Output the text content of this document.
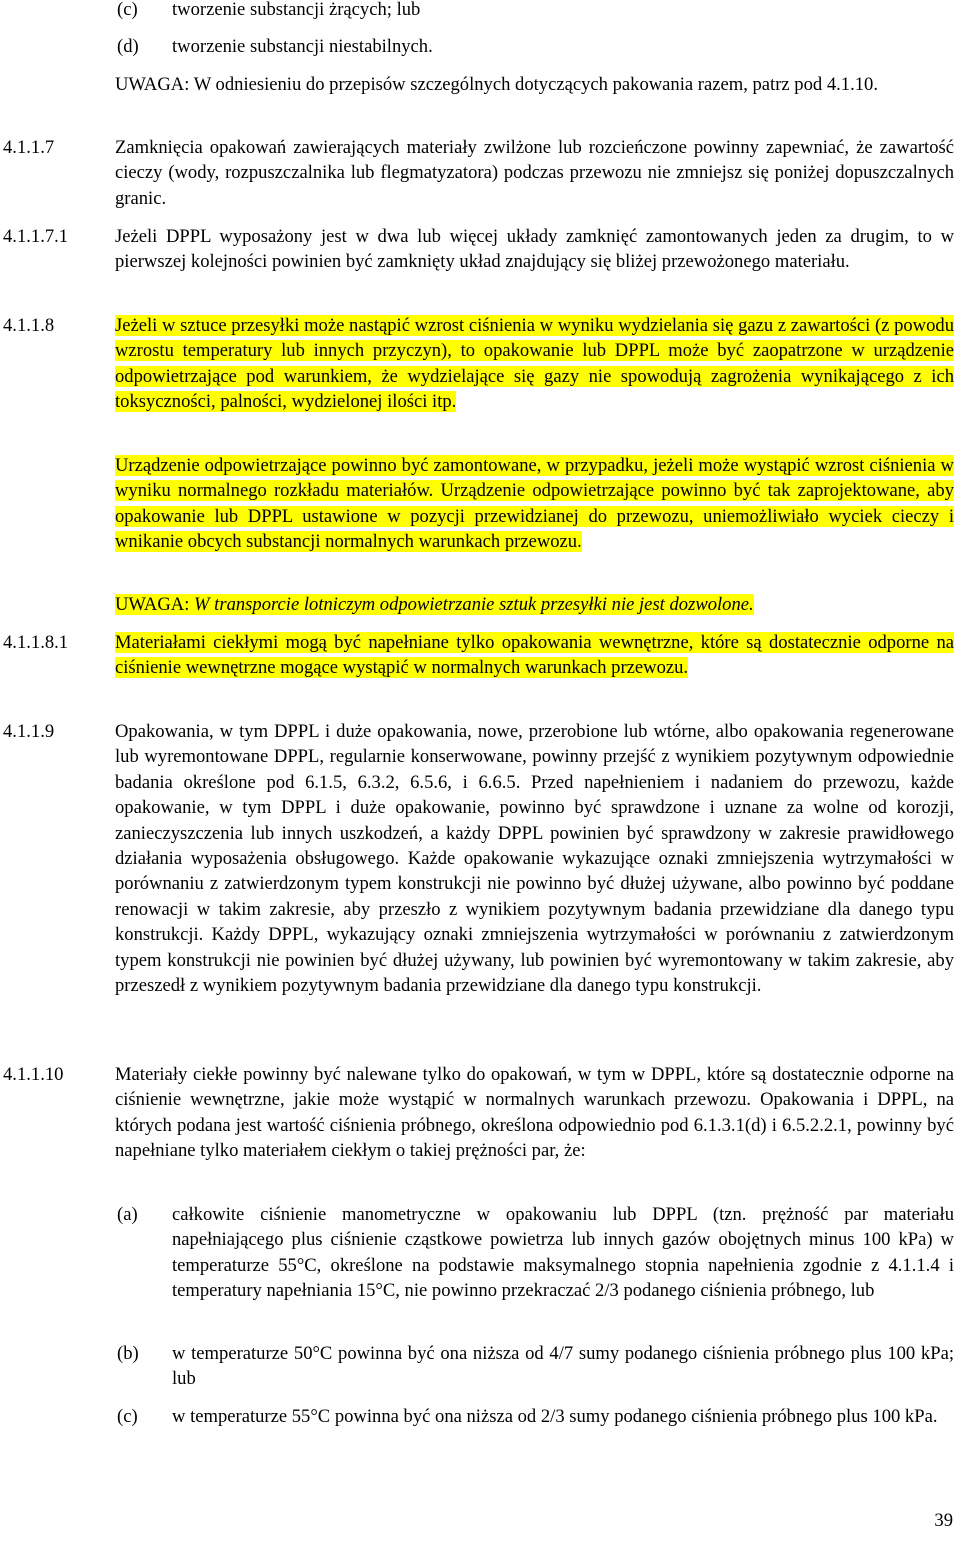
(c) tworzenie substancji żrących; lub
(d) tworzenie substancji niestabilnych.
UWAGA: W odniesieniu do przepisów szczególnych dotyczących pakowania razem, patrz pod 4.1.10.
4.1.1.7	Zamknięcia opakowań zawierających materiały zwilżone lub rozcieńczone powinny zapewniać, że zawartość cieczy (wody, rozpuszczalnika lub flegmatyzatora) podczas przewozu nie zmniejsz się poniżej dopuszczalnych granic.
4.1.1.7.1	Jeżeli DPPL wyposażony jest w dwa lub więcej układy zamknięć zamontowanych jeden za drugim, to w pierwszej kolejności powinien być zamknięty układ znajdujący się bliżej przewożonego materiału.
4.1.1.8	Jeżeli w sztuce przesyłki może nastąpić wzrost ciśnienia w wyniku wydzielania się gazu z zawartości (z powodu wzrostu temperatury lub innych przyczyn), to opakowanie lub DPPL może być zaopatrzone w urządzenie odpowietrzające pod warunkiem, że wydzielające się gazy nie spowodują zagrożenia wynikającego z ich toksyczności, palności, wydzielonej ilości itp.
Urządzenie odpowietrzające powinno być zamontowane, w przypadku, jeżeli może wystąpić wzrost ciśnienia w wyniku normalnego rozkładu materiałów. Urządzenie odpowietrzające powinno być tak zaprojektowane, aby opakowanie lub DPPL ustawione w pozycji przewidzianej do przewozu, uniemożliwiało wyciek cieczy i wnikanie obcych substancji normalnych warunkach przewozu.
UWAGA: W transporcie lotniczym odpowietrzanie sztuk przesyłki nie jest dozwolone.
4.1.1.8.1	Materiałami ciekłymi mogą być napełniane tylko opakowania wewnętrzne, które są dostatecznie odporne na ciśnienie wewnętrzne mogące wystąpić w normalnych warunkach przewozu.
4.1.1.9	Opakowania, w tym DPPL i duże opakowania, nowe, przerobione lub wtórne, albo opakowania regenerowane lub wyremontowane DPPL, regularnie konserwowane, powinny przejść z wynikiem pozytywnym odpowiednie badania określone pod 6.1.5, 6.3.2, 6.5.6, i 6.6.5. Przed napełnieniem i nadaniem do przewozu, każde opakowanie, w tym DPPL i duże opakowanie, powinno być sprawdzone i uznane za wolne od korozji, zanieczyszczenia lub innych uszkodzeń, a każdy DPPL powinien być sprawdzony w zakresie prawidłowego działania wyposażenia obsługowego. Każde opakowanie wykazujące oznaki zmniejszenia wytrzymałości w porównaniu z zatwierdzonym typem konstrukcji nie powinno być dłużej używane, albo powinno być poddane renowacji w takim zakresie, aby przeszło z wynikiem pozytywnym badania przewidziane dla danego typu konstrukcji. Każdy DPPL, wykazujący oznaki zmniejszenia wytrzymałości w porównaniu z zatwierdzonym typem konstrukcji nie powinien być dłużej używany, lub powinien być wyremontowany w takim zakresie, aby przeszedł z wynikiem pozytywnym badania przewidziane dla danego typu konstrukcji.
4.1.1.10	Materiały ciekłe powinny być nalewane tylko do opakowań, w tym w DPPL, które są dostatecznie odporne na ciśnienie wewnętrzne, jakie może wystąpić w normalnych warunkach przewozu. Opakowania i DPPL, na których podana jest wartość ciśnienia próbnego, określona odpowiednio pod 6.1.3.1(d) i 6.5.2.2.1, powinny być napełniane tylko materiałem ciekłym o takiej prężności par, że:
(a) całkowite ciśnienie manometryczne w opakowaniu lub DPPL (tzn. prężność par materiału napełniającego plus ciśnienie cząstkowe powietrza lub innych gazów obojętnych minus 100 kPa) w temperaturze 55°C, określone na podstawie maksymalnego stopnia napełnienia zgodnie z 4.1.1.4 i temperatury napełniania 15°C, nie powinno przekraczać 2/3 podanego ciśnienia próbnego, lub
(b) w temperaturze 50°C powinna być ona niższa od 4/7 sumy podanego ciśnienia próbnego plus 100 kPa; lub
(c) w temperaturze 55°C powinna być ona niższa od 2/3 sumy podanego ciśnienia próbnego plus 100 kPa.
39
